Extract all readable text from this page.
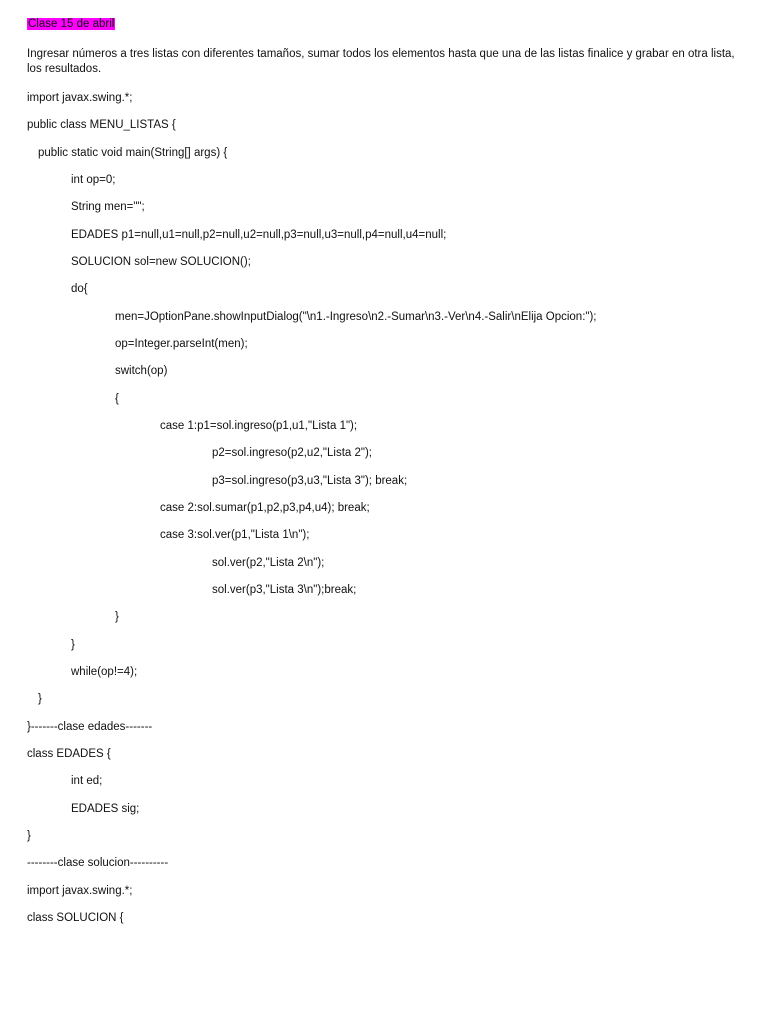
Clase 15 de abril

Ingresar números a tres listas con diferentes tamaños, sumar todos los elementos hasta que una de las listas finalice y grabar en otra lista, los resultados.

import javax.swing.*;

public class MENU_LISTAS {

public static void main(String[] args) {

int op=0;

String men="";

EDADES p1=null,u1=null,p2=null,u2=null,p3=null,u3=null,p4=null,u4=null;

SOLUCION sol=new SOLUCION();

do{

men=JOptionPane.showInputDialog("\n1.-Ingreso\n2.-Sumar\n3.-Ver\n4.-Salir\nElija Opcion:");

op=Integer.parseInt(men);

switch(op)

{

case 1:p1=sol.ingreso(p1,u1,"Lista 1");

p2=sol.ingreso(p2,u2,"Lista 2");

p3=sol.ingreso(p3,u3,"Lista 3"); break;

case 2:sol.sumar(p1,p2,p3,p4,u4); break;

case 3:sol.ver(p1,"Lista 1\n");

sol.ver(p2,"Lista 2\n");

sol.ver(p3,"Lista 3\n");break;

}

}

while(op!=4);

}

}-------clase edades-------

class EDADES {

int ed;

EDADES sig;

}

--------clase solucion----------

import javax.swing.*;

class SOLUCION {
